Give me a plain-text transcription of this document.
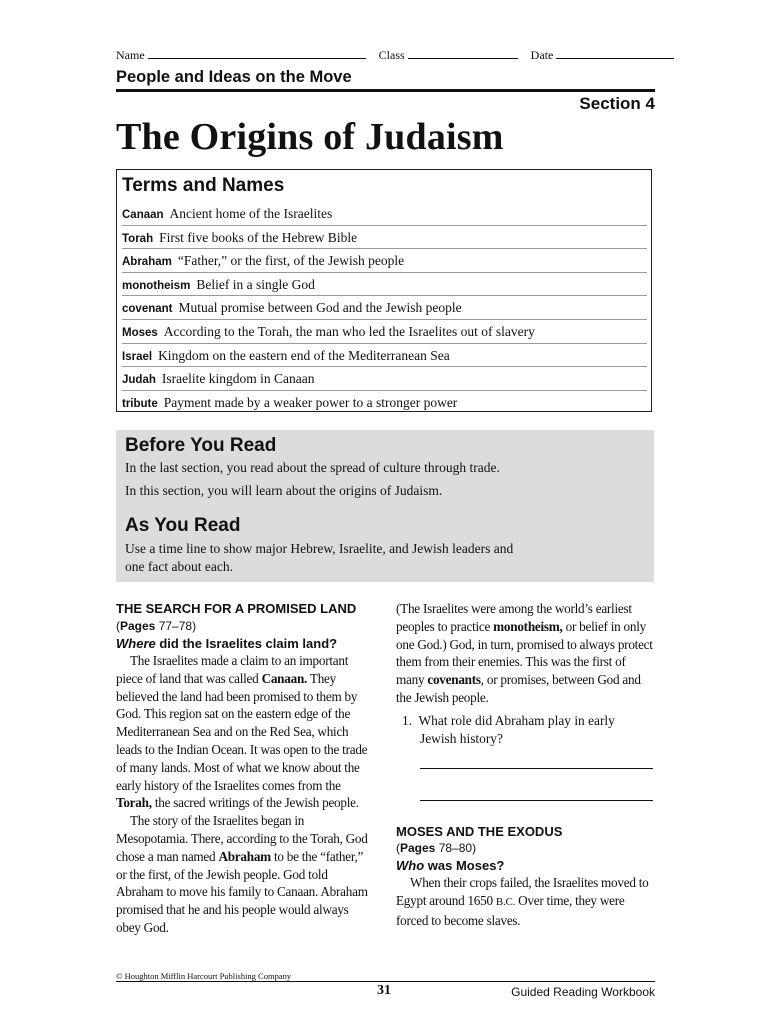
Name	Class	Date
People and Ideas on the Move
Section 4
The Origins of Judaism
Terms and Names
Canaan Ancient home of the Israelites
Torah First five books of the Hebrew Bible
Abraham “Father,” or the first, of the Jewish people
monotheism Belief in a single God
covenant Mutual promise between God and the Jewish people
Moses According to the Torah, the man who led the Israelites out of slavery
Israel Kingdom on the eastern end of the Mediterranean Sea
Judah Israelite kingdom in Canaan
tribute Payment made by a weaker power to a stronger power
Before You Read
In the last section, you read about the spread of culture through trade.
In this section, you will learn about the origins of Judaism.
As You Read
Use a time line to show major Hebrew, Israelite, and Jewish leaders and
one fact about each.
THE SEARCH FOR A PROMISED LAND (Pages 77–78)
Where did the Israelites claim land?

The Israelites made a claim to an important piece of land that was called Canaan. They believed the land had been promised to them by God. This region sat on the eastern edge of the Mediterranean Sea and on the Red Sea, which leads to the Indian Ocean. It was open to the trade of many lands. Most of what we know about the early history of the Israelites comes from the Torah, the sacred writings of the Jewish people.

The story of the Israelites began in Mesopotamia. There, according to the Torah, God chose a man named Abraham to be the “father,” or the first, of the Jewish people. God told Abraham to move his family to Canaan. Abraham promised that he and his people would always obey God.

(The Israelites were among the world’s earliest peoples to practice monotheism, or belief in only one God.) God, in turn, promised to always protect them from their enemies. This was the first of many covenants, or promises, between God and the Jewish people.

1. What role did Abraham play in early Jewish history?
MOSES AND THE EXODUS
(Pages 78–80)
Who was Moses?

When their crops failed, the Israelites moved to Egypt around 1650 B.C. Over time, they were forced to become slaves.

© Houghton Mifflin Harcourt Publishing Company
31	Guided Reading Workbook
